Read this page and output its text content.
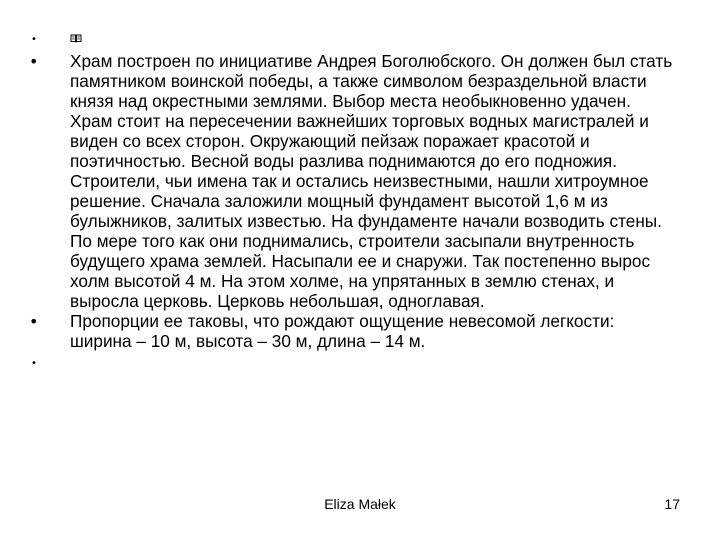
•
• Храм построен по инициативе Андрея Боголюбского. Он должен был стать памятником воинской победы, а также символом безраздельной власти князя над окрестными землями. Выбор места необыкновенно удачен. Храм стоит на пересечении важнейших торговых водных магистралей и виден со всех сторон. Окружающий пейзаж поражает красотой и поэтичностью. Весной воды разлива поднимаются до его подножия. Строители, чьи имена так и остались неизвестными, нашли хитроумное решение. Сначала заложили мощный фундамент высотой 1,6 м из булыжников, залитых известью. На фундаменте начали возводить стены. По мере того как они поднимались, строители засыпали внутренность будущего храма землей. Насыпали ее и снаружи. Так постепенно вырос холм высотой 4 м. На этом холме, на упрятанных в землю стенах, и выросла церковь. Церковь небольшая, одноглавая.
• Пропорции ее таковы, что рождают ощущение невесомой легкости: ширина – 10 м, высота – 30 м, длина – 14 м.
•
Eliza Małek	17
